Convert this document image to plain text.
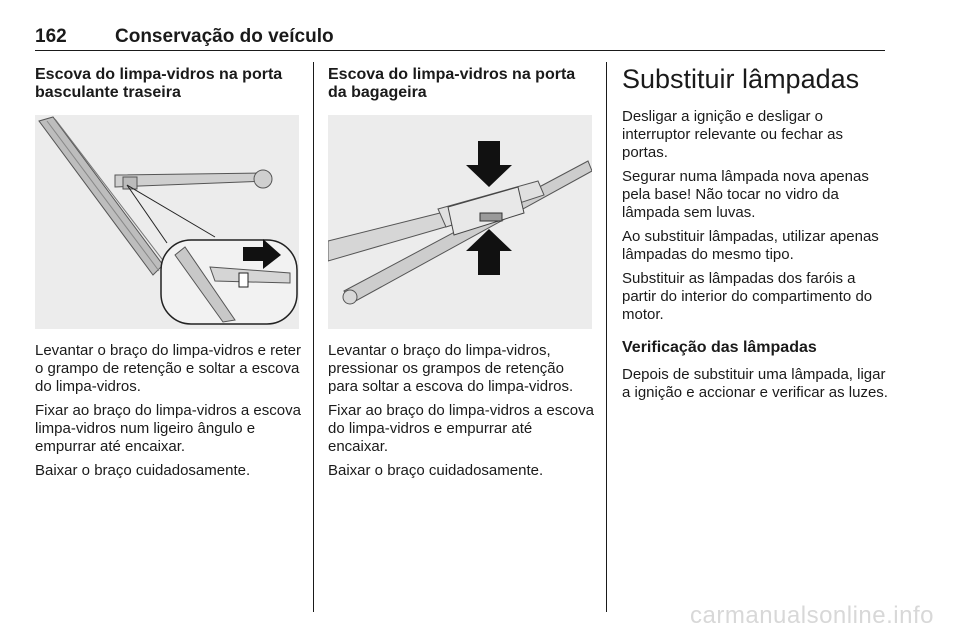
162	Conservação do veículo
Escova do limpa-vidros na porta basculante traseira

Levantar o braço do limpa-vidros e reter o grampo de retenção e soltar a escova do limpa-vidros.

Fixar ao braço do limpa-vidros a escova limpa-vidros num ligeiro ângulo e empurrar até encaixar.

Baixar o braço cuidadosamente.

Escova do limpa-vidros na porta da bagageira

Levantar o braço do limpa-vidros, pressionar os grampos de retenção para soltar a escova do limpa-vidros.

Fixar ao braço do limpa-vidros a escova do limpa-vidros e empurrar até encaixar.

Baixar o braço cuidadosamente.

Substituir lâmpadas

Desligar a ignição e desligar o interruptor relevante ou fechar as portas.

Segurar numa lâmpada nova apenas pela base! Não tocar no vidro da lâmpada sem luvas.

Ao substituir lâmpadas, utilizar apenas lâmpadas do mesmo tipo.

Substituir as lâmpadas dos faróis a partir do interior do compartimento do motor.

Verificação das lâmpadas

Depois de substituir uma lâmpada, ligar a ignição e accionar e verificar as luzes.

carmanualsonline.info
